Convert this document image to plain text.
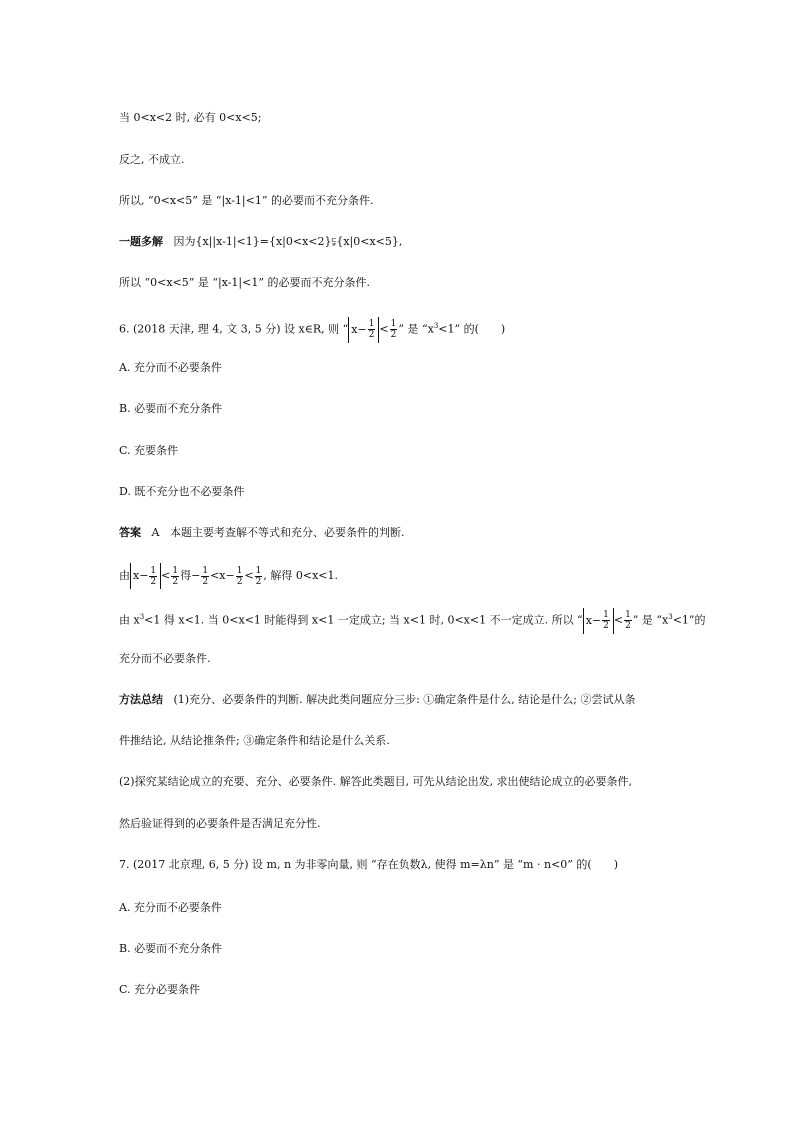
当 0<x<2 时, 必有 0<x<5;
反之, 不成立.
所以, “0<x<5” 是 “|x-1|<1” 的必要而不充分条件.
一题多解 因为{x||x-1|<1}={x|0<x<2}⫋{x|0<x<5},
所以 “0<x<5” 是 “|x-1|<1” 的必要而不充分条件.
6. (2018 天津, 理 4, 文 3, 5 分) 设 x∈R, 则 “ $x- \frac{1}{2} < \frac{1}{2}$ ” 是 “$x^3<1$” 的(　　)
A. 充分而不必要条件
B. 必要而不充分条件
C. 充要条件
D. 既不充分也不必要条件
答案 A 本题主要考查解不等式和充分、必要条件的判断.
由 $x- \frac{1}{2} < \frac{1}{2}$ 得− $\frac{1}{2} <x- \frac{1}{2} < \frac{1}{2}$ , 解得 0<x<1.
由 $x^3<1$ 得 x<1. 当 0<x<1 时能得到 x<1 一定成立; 当 x<1 时, 0<x<1 不一定成立. 所以 “ $x- \frac{1}{2} < \frac{1}{2}$ ” 是 “$x^3<1$”的
充分而不必要条件.
方法总结 (1)充分、必要条件的判断. 解决此类问题应分三步: ①确定条件是什么, 结论是什么; ②尝试从条
件推结论, 从结论推条件; ③确定条件和结论是什么关系.
(2)探究某结论成立的充要、充分、必要条件. 解答此类题目, 可先从结论出发, 求出使结论成立的必要条件,
然后验证得到的必要条件是否满足充分性.
7. (2017 北京理, 6, 5 分) 设 m, n 为非零向量, 则 “存在负数λ, 使得 m=λn” 是 “m · n<0” 的(　　)
A. 充分而不必要条件
B. 必要而不充分条件
C. 充分必要条件
